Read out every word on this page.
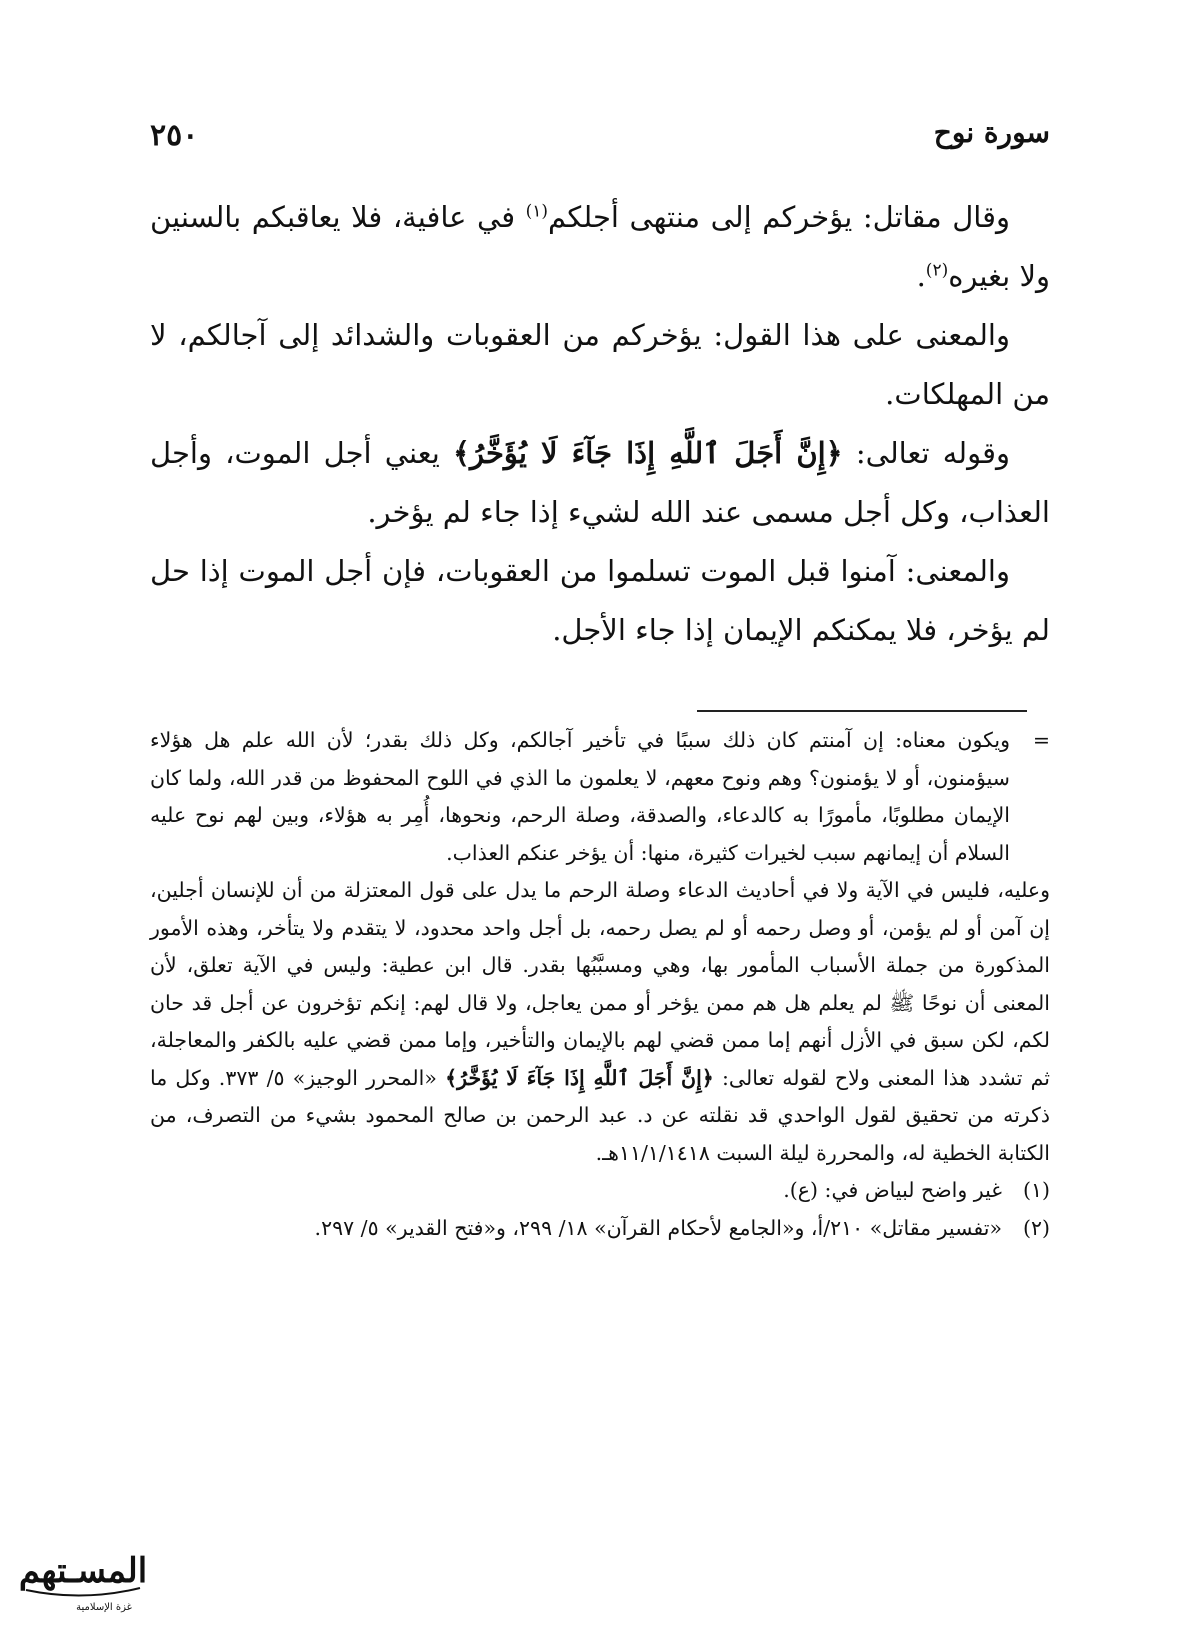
سورة نوح
٢٥٠

وقال مقاتل: يؤخركم إلى منتهى أجلكم$^{(١)}$ في عافية، فلا يعاقبكم بالسنين ولا بغيره$^{(٢)}$.

والمعنى على هذا القول: يؤخركم من العقوبات والشدائد إلى آجالكم، لا من المهلكات.

وقوله تعالى: ﴿إِنَّ أَجَلَ ٱللَّهِ إِذَا جَآءَ لَا يُؤَخَّرُ﴾ يعني أجل الموت، وأجل العذاب، وكل أجل مسمى عند الله لشيء إذا جاء لم يؤخر.

والمعنى: آمنوا قبل الموت تسلموا من العقوبات، فإن أجل الموت إذا حل لم يؤخر، فلا يمكنكم الإيمان إذا جاء الأجل.

=
ويكون معناه: إن آمنتم كان ذلك سببًا في تأخير آجالكم، وكل ذلك بقدر؛ لأن الله علم هل هؤلاء سيؤمنون، أو لا يؤمنون؟ وهم ونوح معهم، لا يعلمون ما الذي في اللوح المحفوظ من قدر الله، ولما كان الإيمان مطلوبًا، مأمورًا به كالدعاء، والصدقة، وصلة الرحم، ونحوها، أُمِر به هؤلاء، وبين لهم نوح عليه السلام أن إيمانهم سبب لخيرات كثيرة، منها: أن يؤخر عنكم العذاب.

وعليه، فليس في الآية ولا في أحاديث الدعاء وصلة الرحم ما يدل على قول المعتزلة من أن للإنسان أجلين، إن آمن أو لم يؤمن، أو وصل رحمه أو لم يصل رحمه، بل أجل واحد محدود، لا يتقدم ولا يتأخر، وهذه الأمور المذكورة من جملة الأسباب المأمور بها، وهي ومسبَّبُها بقدر. قال ابن عطية: وليس في الآية تعلق، لأن المعنى أن نوحًا ﷺ لم يعلم هل هم ممن يؤخر أو ممن يعاجل، ولا قال لهم: إنكم تؤخرون عن أجل قد حان لكم، لكن سبق في الأزل أنهم إما ممن قضي لهم بالإيمان والتأخير، وإما ممن قضي عليه بالكفر والمعاجلة، ثم تشدد هذا المعنى ولاح لقوله تعالى: ﴿إِنَّ أَجَلَ ٱللَّهِ إِذَا جَآءَ لَا يُؤَخَّرُ﴾ «المحرر الوجيز» ٥/ ٣٧٣. وكل ما ذكرته من تحقيق لقول الواحدي قد نقلته عن د. عبد الرحمن بن صالح المحمود بشيء من التصرف، من الكتابة الخطية له، والمحررة ليلة السبت ١١/١/١٤١٨هـ.

(١)
غير واضح لبياض في: (ع).

(٢)
«تفسير مقاتل» ٢١٠/أ، و«الجامع لأحكام القرآن» ١٨/ ٢٩٩، و«فتح القدير» ٥/ ٢٩٧.

المسـتهم
غزة الإسلامية
